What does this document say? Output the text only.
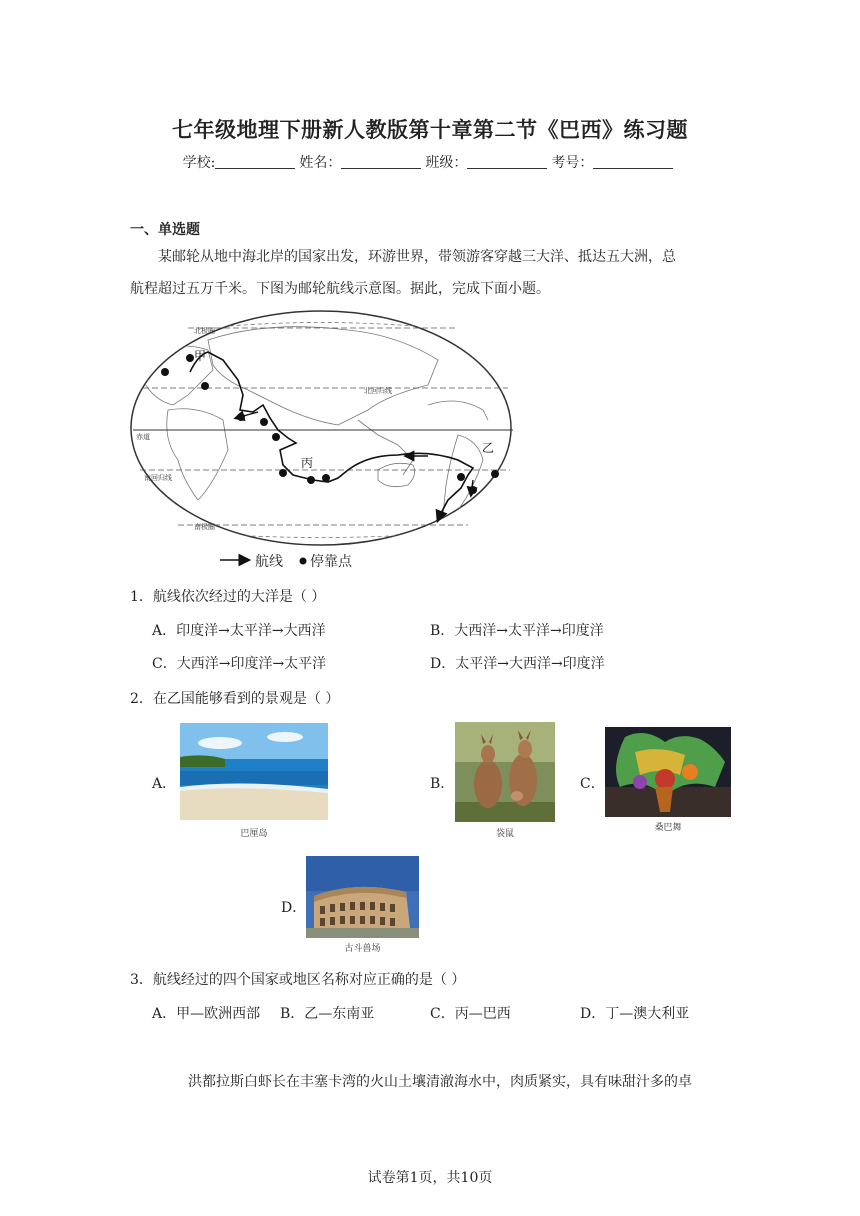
七年级地理下册新人教版第十章第二节《巴西》练习题
学校:	姓名：	班级：	考号：
一、单选题
某邮轮从地中海北岸的国家出发，环游世界，带领游客穿越三大洋、抵达五大洲，总
航程超过五万千米。下图为邮轮航线示意图。据此，完成下面小题。
赤道
北回归线
南回归线
北极圈
南极圈
甲
乙
丙
航线 停靠点
1．航线依次经过的大洋是（ ）
A．印度洋→太平洋→大西洋	B．大西洋→太平洋→印度洋
C．大西洋→印度洋→太平洋	D．太平洋→大西洋→印度洋
2．在乙国能够看到的景观是（ ）
A．
巴厘岛
B．
袋鼠
C．
桑巴舞
D．
古斗兽场
3．航线经过的四个国家或地区名称对应正确的是（ ）
A．甲—欧洲西部 B．乙—东南亚	C．丙—巴西	D．丁—澳大利亚
洪都拉斯白虾长在丰塞卡湾的火山土壤清澈海水中，肉质紧实，具有味甜汁多的卓
试卷第1页，共10页
